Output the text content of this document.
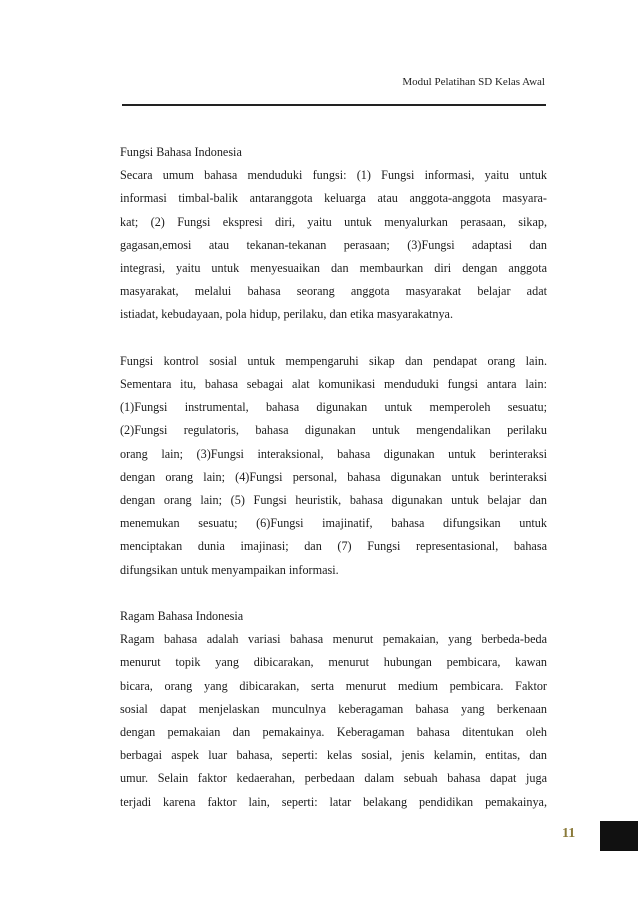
Modul Pelatihan SD Kelas Awal

Fungsi Bahasa Indonesia
Secara umum bahasa menduduki fungsi: (1) Fungsi informasi, yaitu untuk
informasi timbal-balik antaranggota keluarga atau anggota-anggota masyara-
kat; (2) Fungsi ekspresi diri, yaitu untuk menyalurkan perasaan, sikap,
gagasan,emosi atau tekanan-tekanan perasaan; (3)Fungsi adaptasi dan
integrasi, yaitu untuk menyesuaikan dan membaurkan diri dengan anggota
masyarakat, melalui bahasa seorang anggota masyarakat belajar adat
istiadat, kebudayaan, pola hidup, perilaku, dan etika masyarakatnya.

Fungsi kontrol sosial untuk mempengaruhi sikap dan pendapat orang lain.
Sementara itu, bahasa sebagai alat komunikasi menduduki fungsi antara lain:
(1)Fungsi instrumental, bahasa digunakan untuk memperoleh sesuatu;
(2)Fungsi regulatoris, bahasa digunakan untuk mengendalikan perilaku
orang lain; (3)Fungsi interaksional, bahasa digunakan untuk berinteraksi
dengan orang lain; (4)Fungsi personal, bahasa digunakan untuk berinteraksi
dengan orang lain; (5) Fungsi heuristik, bahasa digunakan untuk belajar dan
menemukan sesuatu; (6)Fungsi imajinatif, bahasa difungsikan untuk
menciptakan dunia imajinasi; dan (7) Fungsi representasional, bahasa
difungsikan untuk menyampaikan informasi.

Ragam Bahasa Indonesia
Ragam bahasa adalah variasi bahasa menurut pemakaian, yang berbeda-beda
menurut topik yang dibicarakan, menurut hubungan pembicara, kawan
bicara, orang yang dibicarakan, serta menurut medium pembicara. Faktor
sosial dapat menjelaskan munculnya keberagaman bahasa yang berkenaan
dengan pemakaian dan pemakainya. Keberagaman bahasa ditentukan oleh
berbagai aspek luar bahasa, seperti: kelas sosial, jenis kelamin, entitas, dan
umur. Selain faktor kedaerahan, perbedaan dalam sebuah bahasa dapat juga
terjadi karena faktor lain, seperti: latar belakang pendidikan pemakainya,

11
